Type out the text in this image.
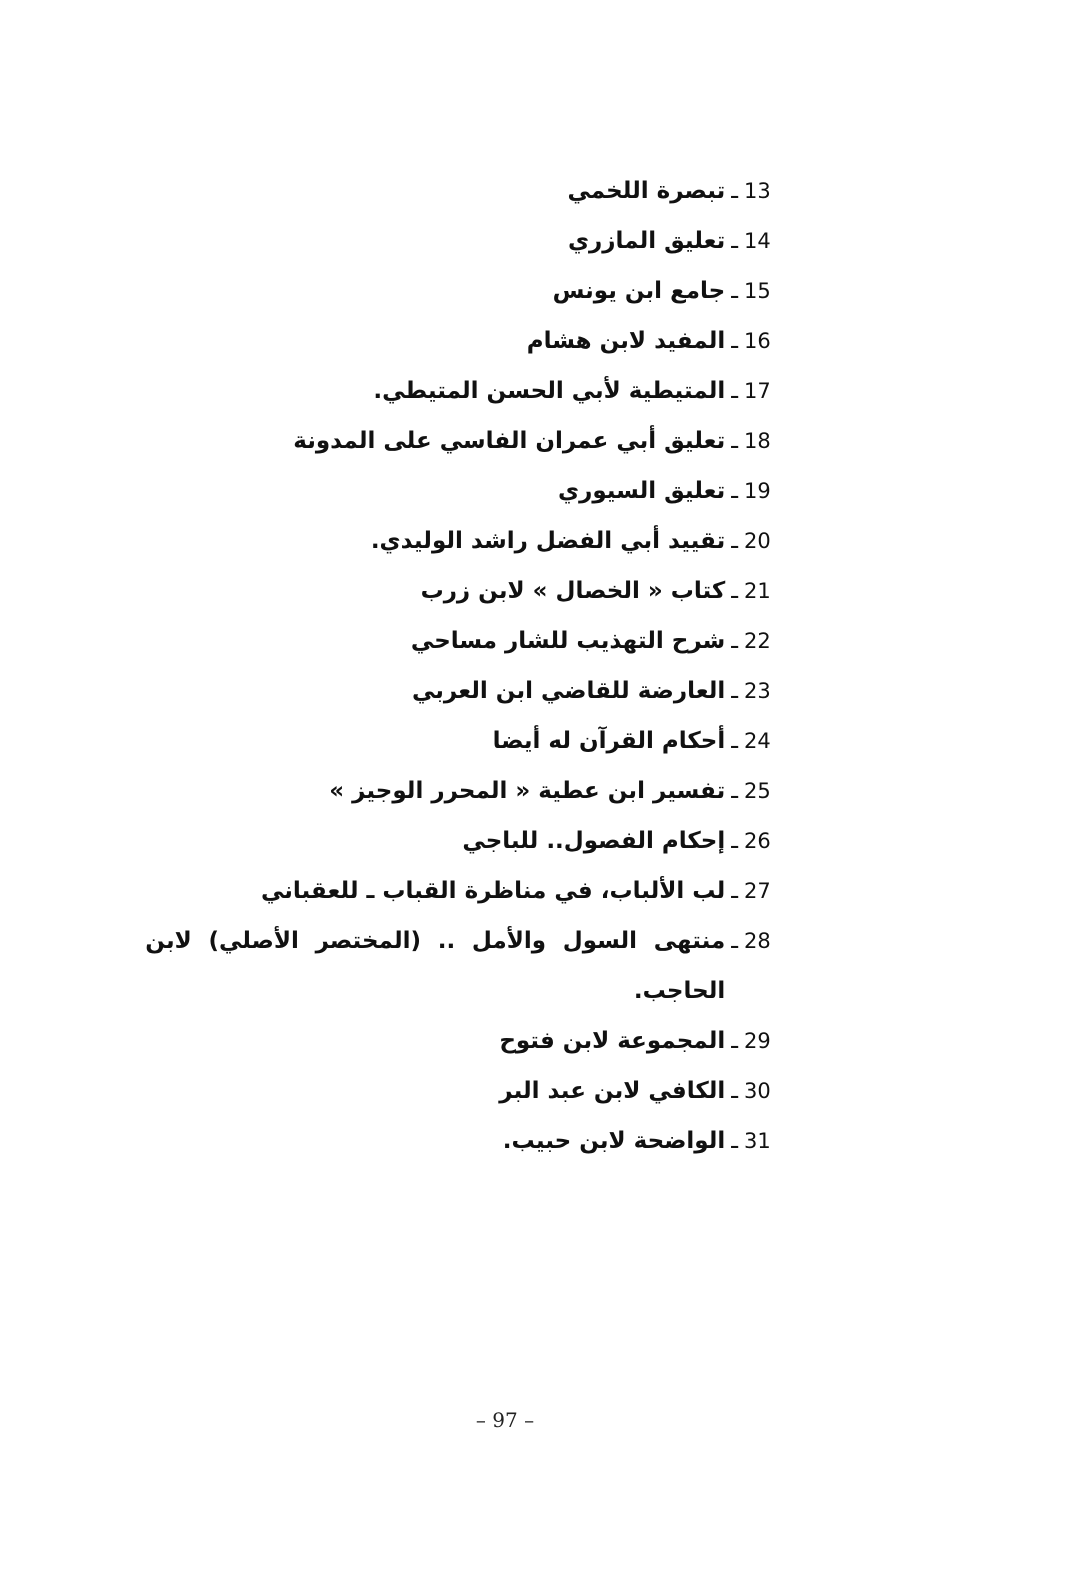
13
ـ
تبصرة اللخمي
14
ـ
تعليق المازري
15
ـ
جامع ابن يونس
16
ـ
المفيد لابن هشام
17
ـ
المتيطية لأبي الحسن المتيطي.
18
ـ
تعليق أبي عمران الفاسي على المدونة
19
ـ
تعليق السيوري
20
ـ
تقييد أبي الفضل راشد الوليدي.
21
ـ
كتاب « الخصال » لابن زرب
22
ـ
شرح التهذيب للشار مساحي
23
ـ
العارضة للقاضي ابن العربي
24
ـ
أحكام القرآن له أيضا
25
ـ
تفسير ابن عطية « المحرر الوجيز »
26
ـ
إحكام الفصول.. للباجي
27
ـ
لب الألباب، في مناظرة القباب ـ للعقباني
28
ـ
منتهى السول والأمل .. (المختصر الأصلي) لابن الحاجب.
29
ـ
المجموعة لابن فتوح
30
ـ
الكافي لابن عبد البر
31
ـ
الواضحة لابن حبيب.
– 97 –
